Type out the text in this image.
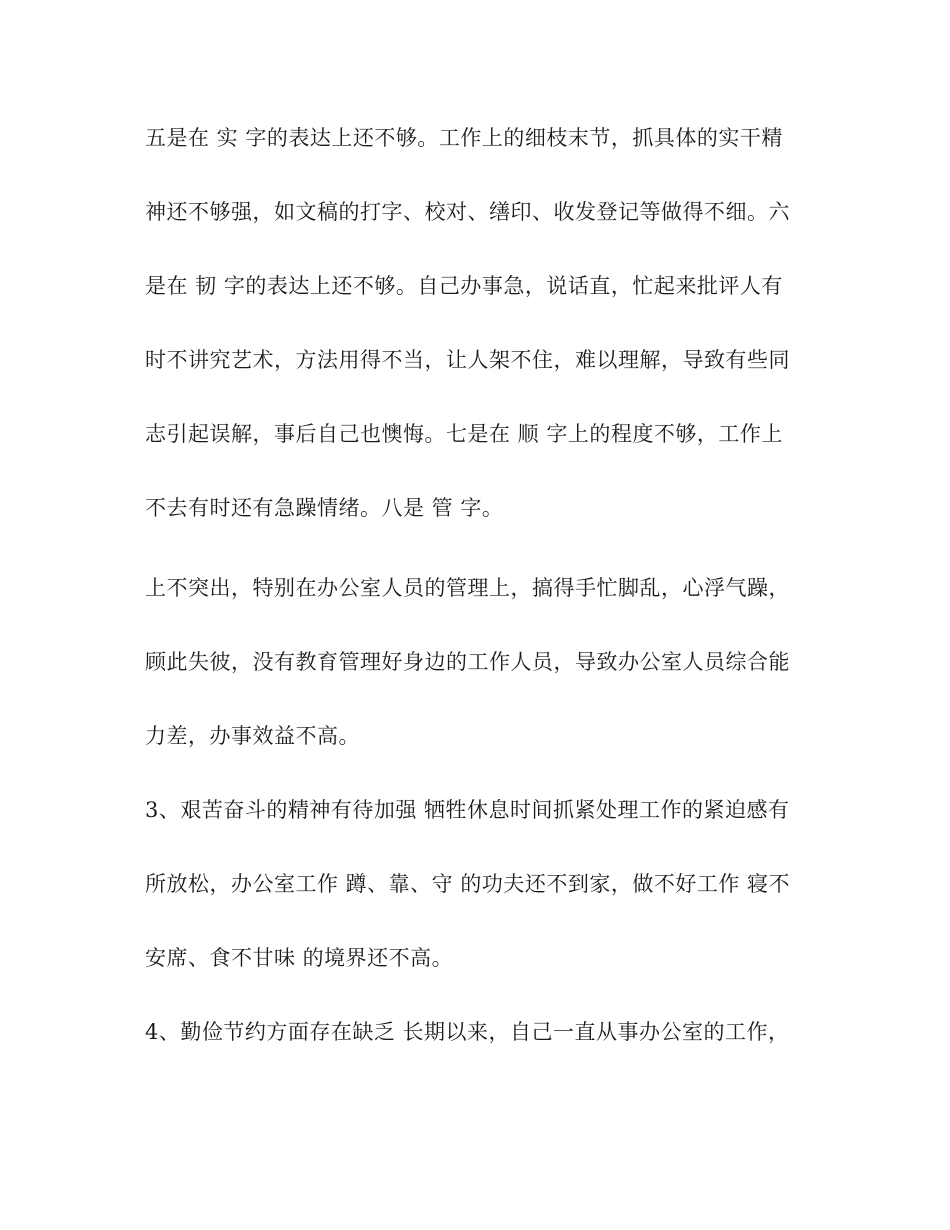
五是在 实 字的表达上还不够。工作上的细枝末节，抓具体的实干精
神还不够强，如文稿的打字、校对、缮印、收发登记等做得不细。六
是在 韧 字的表达上还不够。自己办事急，说话直，忙起来批评人有
时不讲究艺术，方法用得不当，让人架不住，难以理解，导致有些同
志引起误解，事后自己也懊悔。七是在 顺 字上的程度不够，工作上
不去有时还有急躁情绪。八是 管 字。
上不突出，特别在办公室人员的管理上，搞得手忙脚乱，心浮气躁，
顾此失彼，没有教育管理好身边的工作人员，导致办公室人员综合能
力差，办事效益不高。
3、艰苦奋斗的精神有待加强 牺牲休息时间抓紧处理工作的紧迫感有
所放松，办公室工作 蹲、靠、守 的功夫还不到家，做不好工作 寝不
安席、食不甘味 的境界还不高。
4、勤俭节约方面存在缺乏 长期以来，自己一直从事办公室的工作，
